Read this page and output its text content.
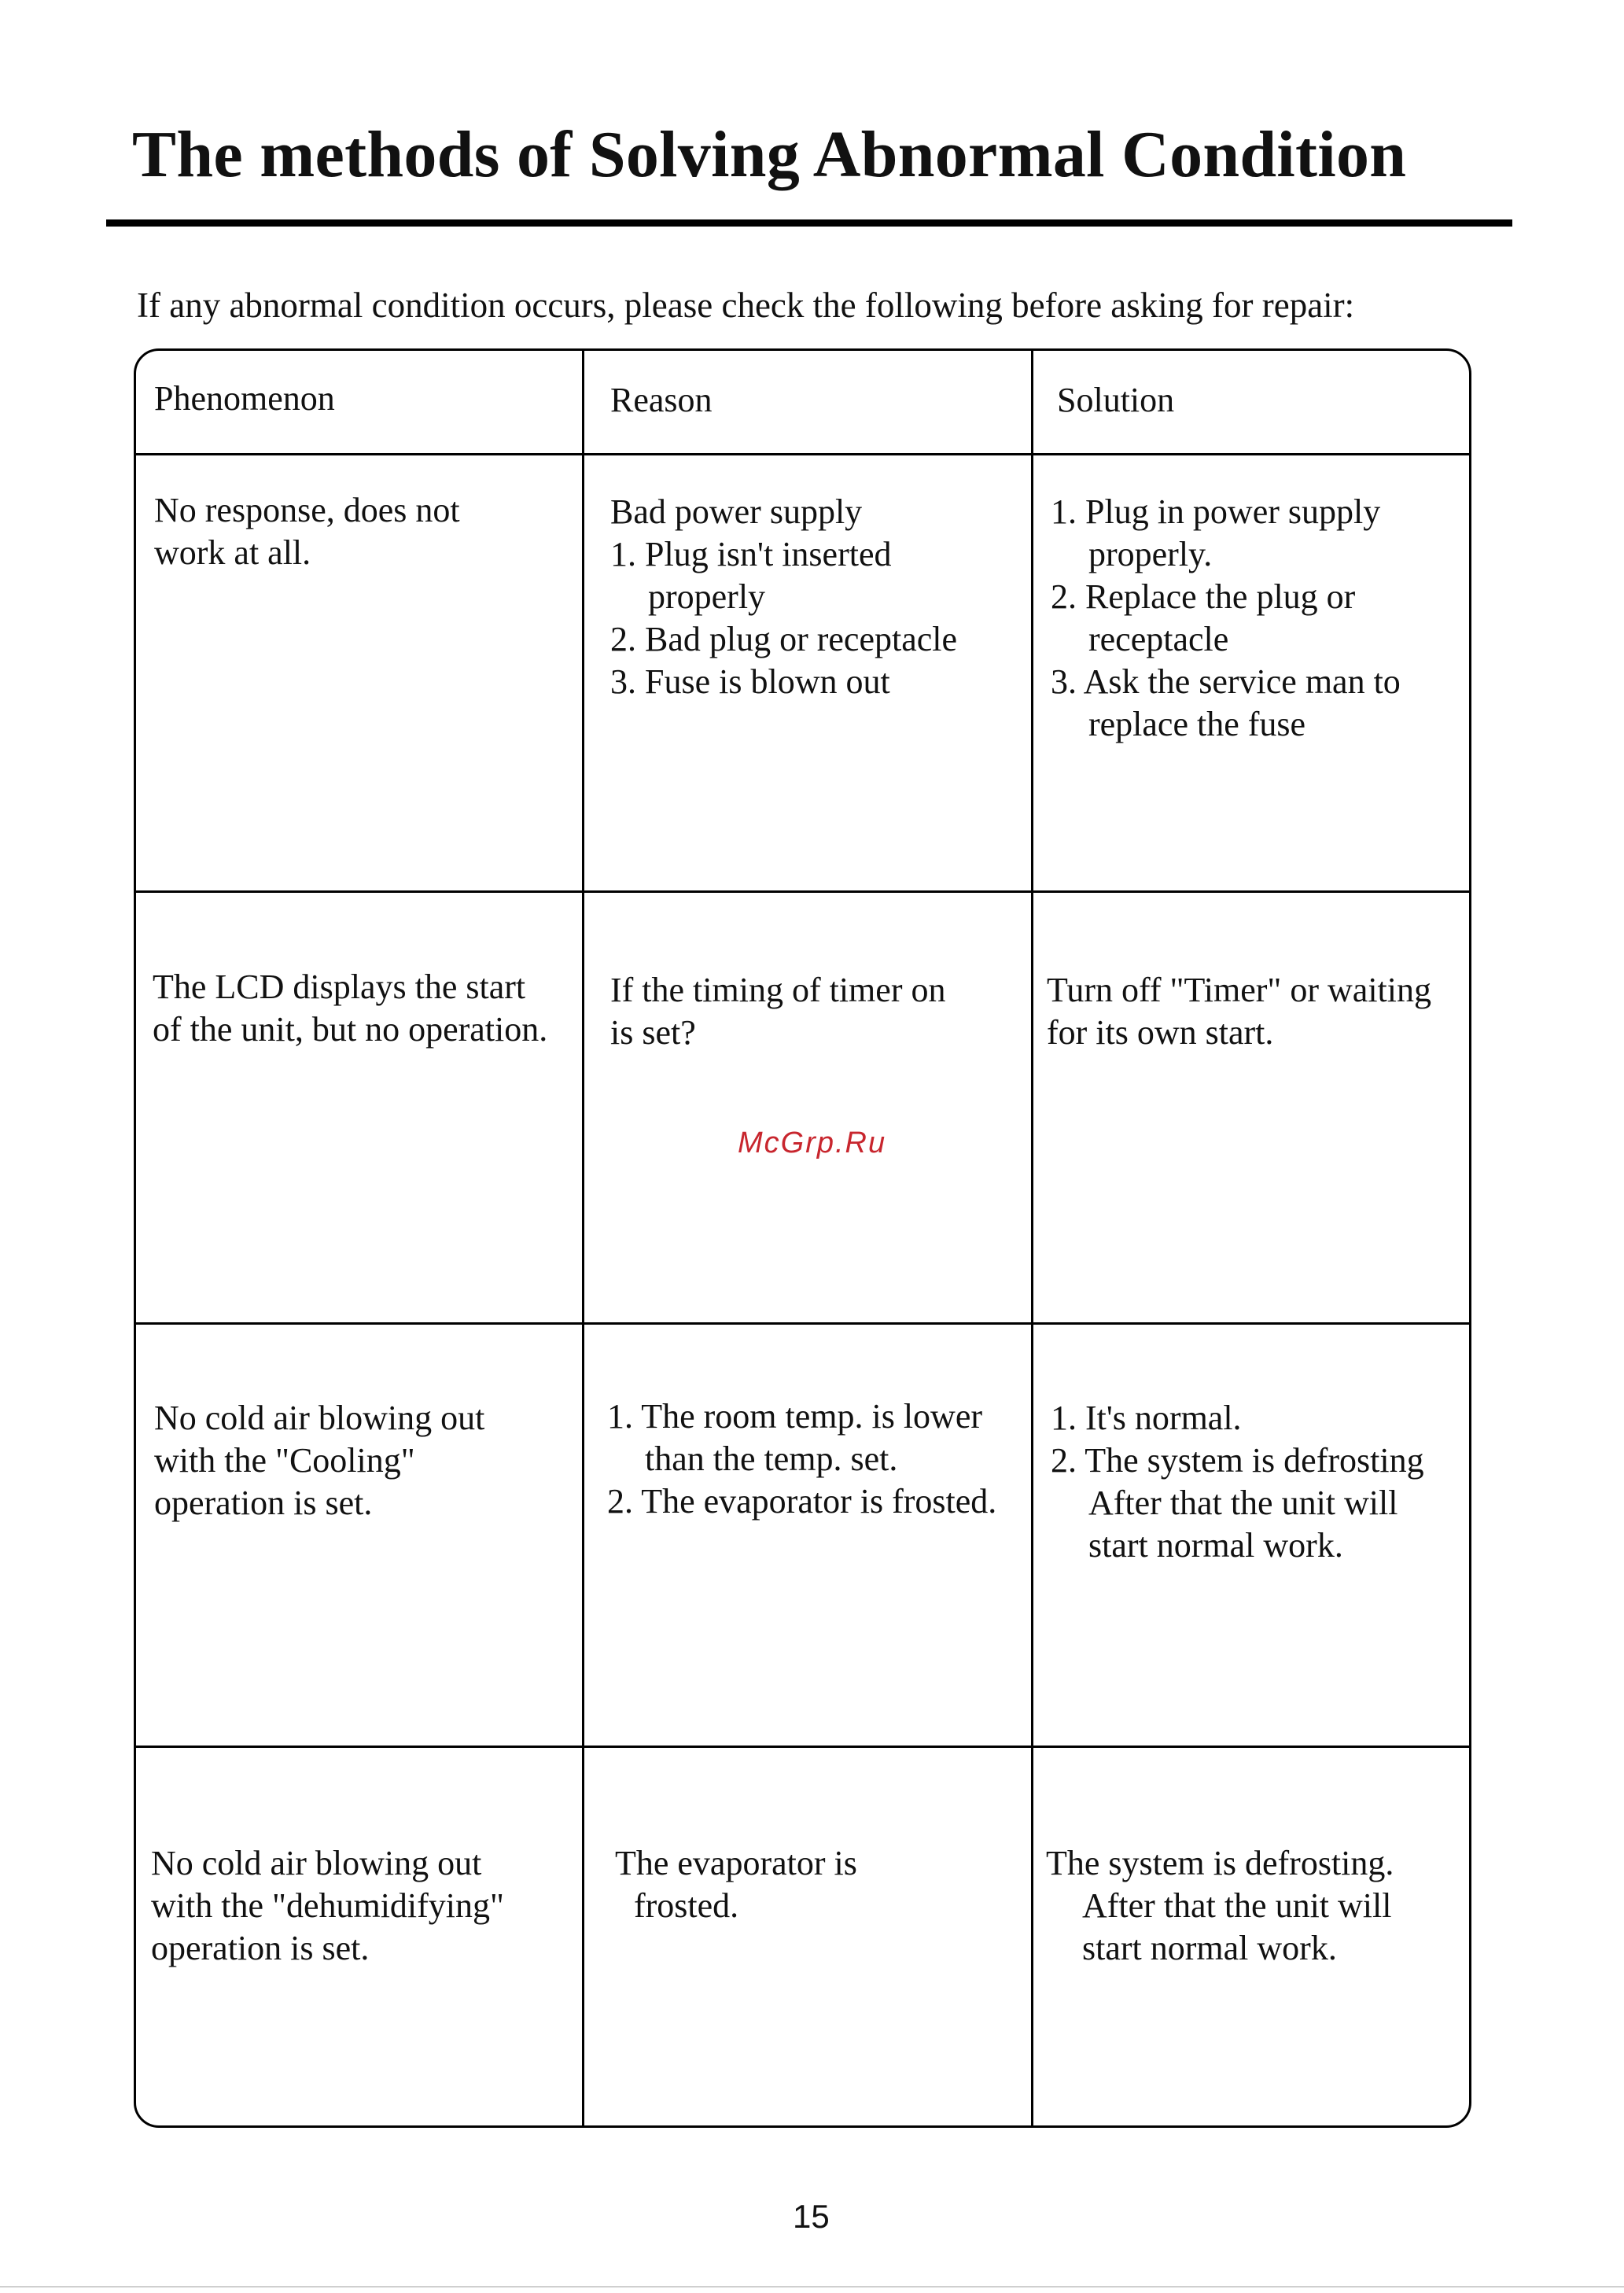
The methods of Solving Abnormal Condition
If any abnormal condition occurs, please check the following before asking for repair:
Phenomenon	Reason	Solution
No response, does not
work at all.
Bad power supply
1. Plug isn't inserted
properly
2. Bad plug or receptacle
3. Fuse is blown out
1. Plug in power supply
properly.
2. Replace the plug or
receptacle
3. Ask the service man to
replace the fuse
The LCD displays the start
of the unit, but no operation.
If the timing of timer on
is set?
Turn off "Timer" or waiting
for its own start.
No cold air blowing out
with the "Cooling"
operation is set.
1. The room temp. is lower
than the temp. set.
2. The evaporator is frosted.
1. It's normal.
2. The system is defrosting
After that the unit will
start normal work.
No cold air blowing out
with the "dehumidifying"
operation is set.
The evaporator is
frosted.
The system is defrosting.
After that the unit will
start normal work.
McGrp.Ru
15
